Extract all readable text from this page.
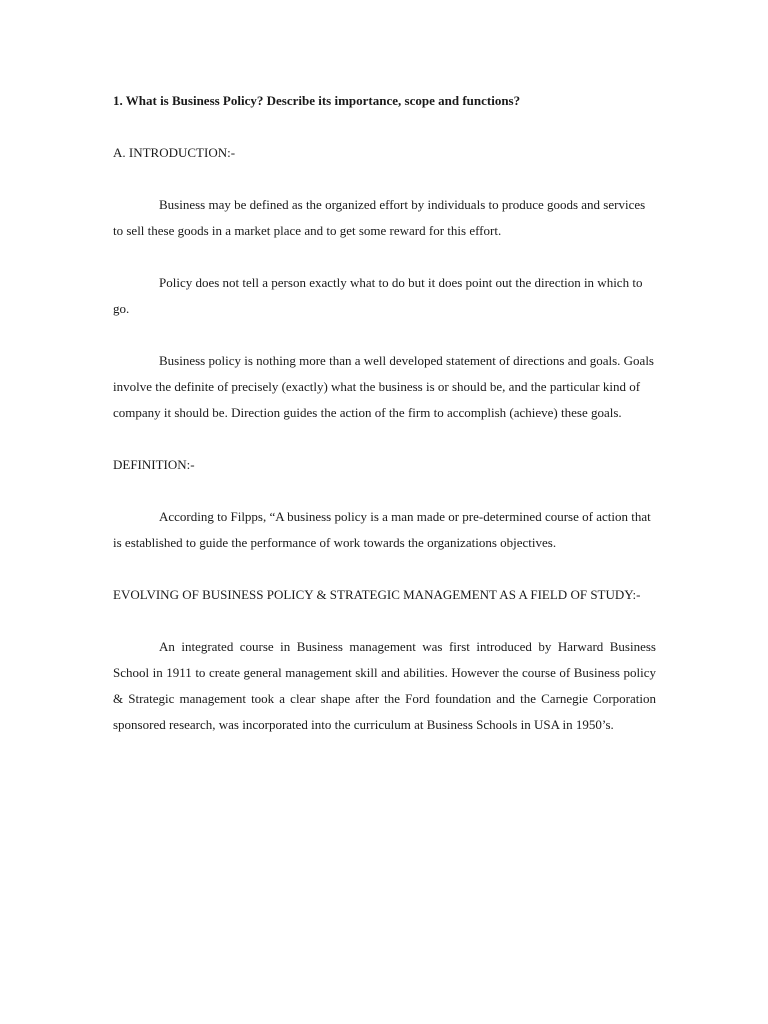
1. What is Business Policy? Describe its importance, scope and functions?

A. INTRODUCTION:-

Business may be defined as the organized effort by individuals to produce goods and services to sell these goods in a market place and to get some reward for this effort.

Policy does not tell a person exactly what to do but it does point out the direction in which to go.

Business policy is nothing more than a well developed statement of directions and goals. Goals involve the definite of precisely (exactly) what the business is or should be, and the particular kind of company it should be. Direction guides the action of the firm to accomplish (achieve) these goals.

DEFINITION:-

According to Filpps, “A business policy is a man made or pre-determined course of action that is established to guide the performance of work towards the organizations objectives.

EVOLVING OF BUSINESS POLICY & STRATEGIC MANAGEMENT AS A FIELD OF STUDY:-

An integrated course in Business management was first introduced by Harward Business School in 1911 to create general management skill and abilities. However the course of Business policy & Strategic management took a clear shape after the Ford foundation and the Carnegie Corporation sponsored research, was incorporated into the curriculum at Business Schools in USA in 1950’s.
